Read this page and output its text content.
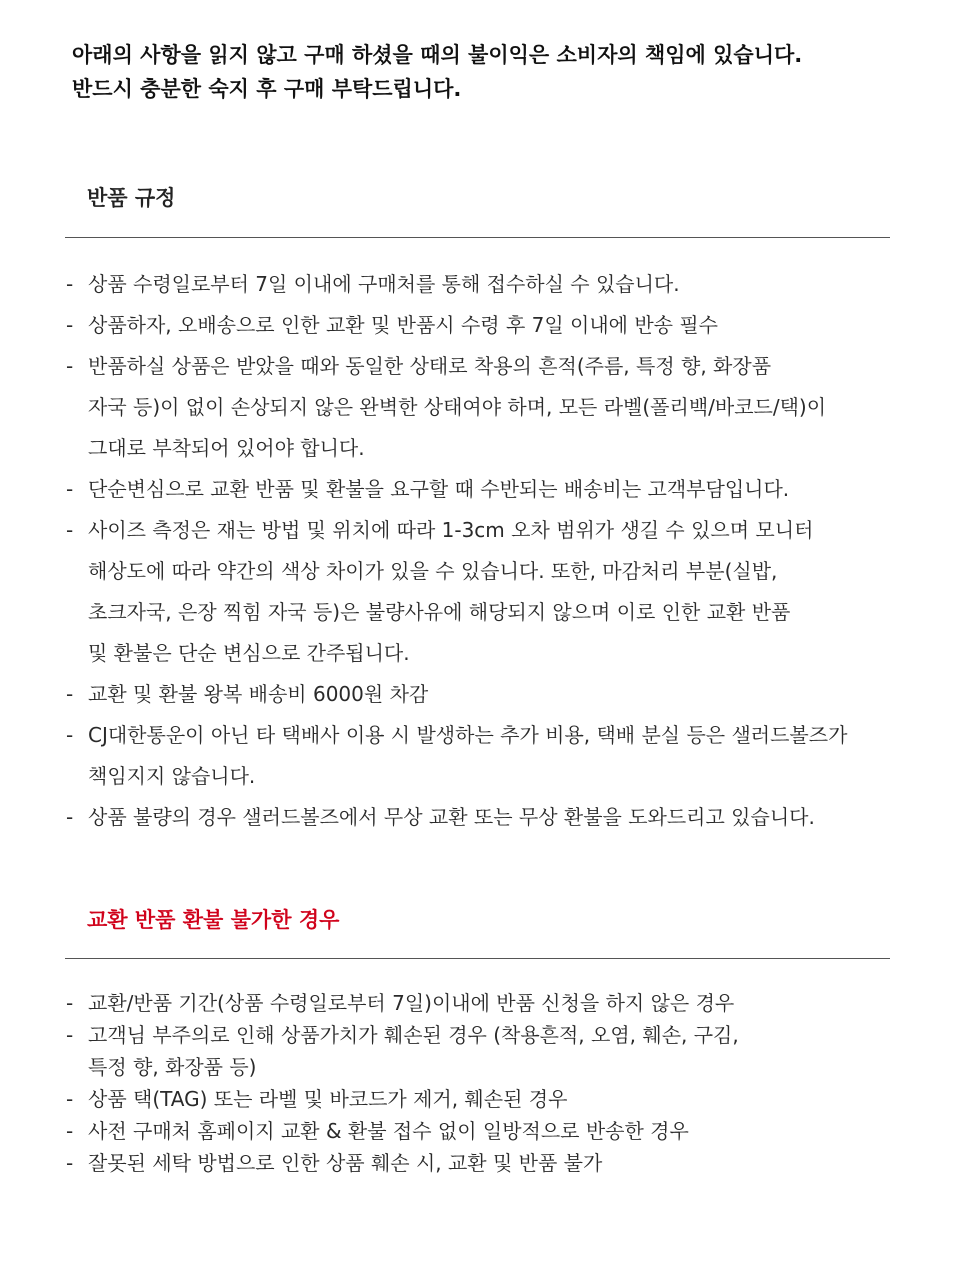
아래의 사항을 읽지 않고 구매 하셨을 때의 불이익은 소비자의 책임에 있습니다.
반드시 충분한 숙지 후 구매 부탁드립니다.
반품 규정
- 상품 수령일로부터 7일 이내에 구매처를 통해 접수하실 수 있습니다.
- 상품하자, 오배송으로 인한 교환 및 반품시 수령 후 7일 이내에 반송 필수
- 반품하실 상품은 받았을 때와 동일한 상태로 착용의 흔적(주름, 특정 향, 화장품
자국 등)이 없이 손상되지 않은 완벽한 상태여야 하며, 모든 라벨(폴리백/바코드/택)이
그대로 부착되어 있어야 합니다.
- 단순변심으로 교환 반품 및 환불을 요구할 때 수반되는 배송비는 고객부담입니다.
- 사이즈 측정은 재는 방법 및 위치에 따라 1-3cm 오차 범위가 생길 수 있으며 모니터
해상도에 따라 약간의 색상 차이가 있을 수 있습니다. 또한, 마감처리 부분(실밥,
초크자국, 은장 찍힘 자국 등)은 불량사유에 해당되지 않으며 이로 인한 교환 반품
및 환불은 단순 변심으로 간주됩니다.
- 교환 및 환불 왕복 배송비 6000원 차감
- CJ대한통운이 아닌 타 택배사 이용 시 발생하는 추가 비용, 택배 분실 등은 샐러드볼즈가
책임지지 않습니다.
- 상품 불량의 경우 샐러드볼즈에서 무상 교환 또는 무상 환불을 도와드리고 있습니다.
교환 반품 환불 불가한 경우
- 교환/반품 기간(상품 수령일로부터 7일)이내에 반품 신청을 하지 않은 경우
- 고객님 부주의로 인해 상품가치가 훼손된 경우 (착용흔적, 오염, 훼손, 구김,
특정 향, 화장품 등)
- 상품 택(TAG) 또는 라벨 및 바코드가 제거, 훼손된 경우
- 사전 구매처 홈페이지 교환 & 환불 접수 없이 일방적으로 반송한 경우
- 잘못된 세탁 방법으로 인한 상품 훼손 시, 교환 및 반품 불가
